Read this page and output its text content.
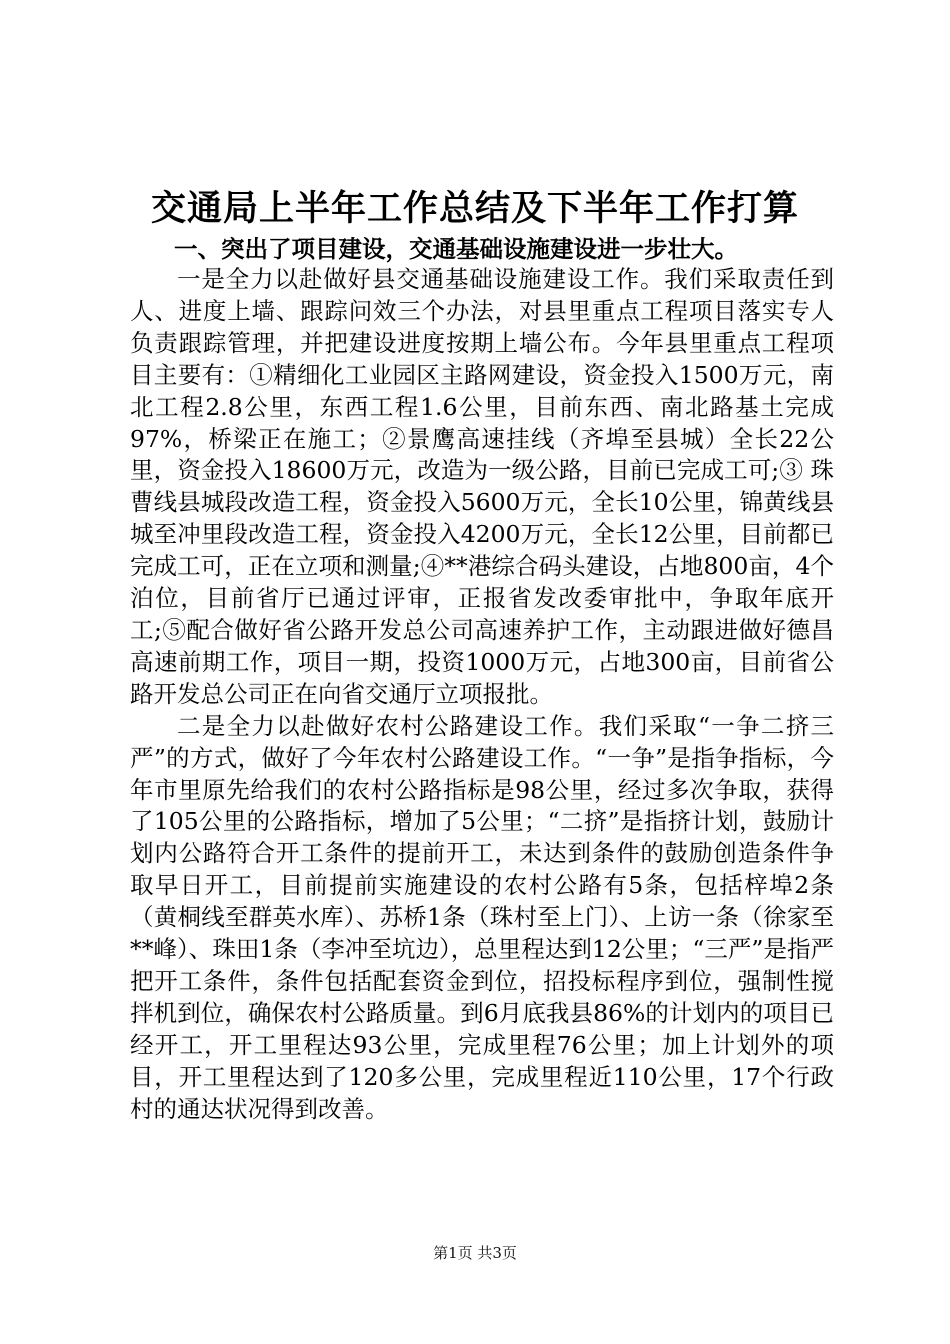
交通局上半年工作总结及下半年工作打算
一、突出了项目建设，交通基础设施建设进一步壮大。

一是全力以赴做好县交通基础设施建设工作。我们采取责任到人、进度上墙、跟踪问效三个办法，对县里重点工程项目落实专人负责跟踪管理，并把建设进度按期上墙公布。今年县里重点工程项目主要有：①精细化工业园区主路网建设，资金投入1500万元，南北工程2.8公里，东西工程1.6公里，目前东西、南北路基土完成97%，桥梁正在施工；②景鹰高速挂线（齐埠至县城）全长22公里，资金投入18600万元，改造为一级公路，目前已完成工可;③ 珠曹线县城段改造工程，资金投入5600万元，全长10公里，锦黄线县城至冲里段改造工程，资金投入4200万元，全长12公里，目前都已完成工可，正在立项和测量;④**港综合码头建设，占地800亩，4个泊位，目前省厅已通过评审，正报省发改委审批中，争取年底开工;⑤配合做好省公路开发总公司高速养护工作，主动跟进做好德昌高速前期工作，项目一期，投资1000万元，占地300亩，目前省公路开发总公司正在向省交通厅立项报批。

二是全力以赴做好农村公路建设工作。我们采取“一争二挤三严”的方式，做好了今年农村公路建设工作。“一争”是指争指标，今年市里原先给我们的农村公路指标是98公里，经过多次争取，获得了105公里的公路指标，增加了5公里；“二挤”是指挤计划，鼓励计划内公路符合开工条件的提前开工，未达到条件的鼓励创造条件争取早日开工，目前提前实施建设的农村公路有5条，包括梓埠2条（黄桐线至群英水库）、苏桥1条（珠村至上门）、上访一条（徐家至**峰）、珠田1条（李冲至坑边），总里程达到12公里；“三严”是指严把开工条件，条件包括配套资金到位，招投标程序到位，强制性搅拌机到位，确保农村公路质量。到6月底我县86%的计划内的项目已经开工，开工里程达93公里，完成里程76公里；加上计划外的项目，开工里程达到了120多公里，完成里程近110公里，17个行政村的通达状况得到改善。

第1页 共3页
